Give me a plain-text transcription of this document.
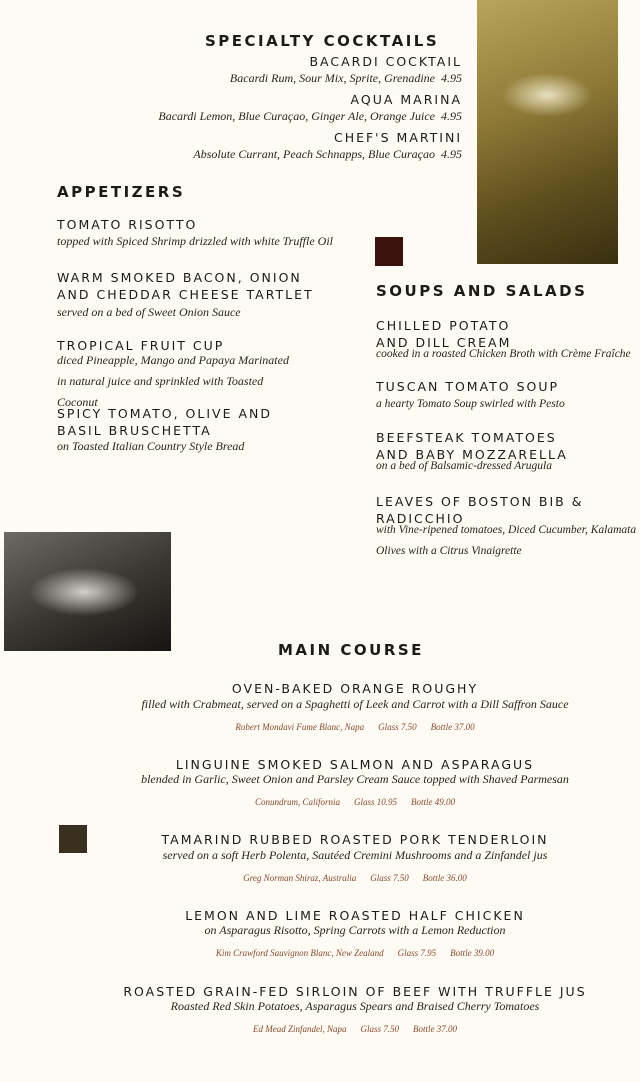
SPECIALTY COCKTAILS
BACARDI COCKTAIL
Bacardi Rum, Sour Mix, Sprite, Grenadine 4.95
AQUA MARINA
Bacardi Lemon, Blue Curaçao, Ginger Ale, Orange Juice 4.95
CHEF'S MARTINI
Absolute Currant, Peach Schnapps, Blue Curaçao 4.95
APPETIZERS
TOMATO RISOTTO
topped with Spiced Shrimp drizzled with white Truffle Oil
WARM SMOKED BACON, ONION AND CHEDDAR CHEESE TARTLET
served on a bed of Sweet Onion Sauce
TROPICAL FRUIT CUP
diced Pineapple, Mango and Papaya Marinated in natural juice and sprinkled with Toasted Coconut
SPICY TOMATO, OLIVE AND BASIL BRUSCHETTA
on Toasted Italian Country Style Bread
SOUPS AND SALADS
CHILLED POTATO AND DILL CREAM
cooked in a roasted Chicken Broth with Crème Fraîche
TUSCAN TOMATO SOUP
a hearty Tomato Soup swirled with Pesto
BEEFSTEAK TOMATOES AND BABY MOZZARELLA
on a bed of Balsamic-dressed Arugula
LEAVES OF BOSTON BIB & RADICCHIO
with Vine-ripened tomatoes, Diced Cucumber, Kalamata Olives with a Citrus Vinaigrette
MAIN COURSE
OVEN-BAKED ORANGE ROUGHY
filled with Crabmeat, served on a Spaghetti of Leek and Carrot with a Dill Saffron Sauce
Robert Mondavi Fume Blanc, Napa Glass 7.50 Bottle 37.00
LINGUINE SMOKED SALMON AND ASPARAGUS
blended in Garlic, Sweet Onion and Parsley Cream Sauce topped with Shaved Parmesan
Conundrum, California Glass 10.95 Bottle 49.00
TAMARIND RUBBED ROASTED PORK TENDERLOIN
served on a soft Herb Polenta, Sautéed Cremini Mushrooms and a Zinfandel jus
Greg Norman Shiraz, Australia Glass 7.50 Bottle 36.00
LEMON AND LIME ROASTED HALF CHICKEN
on Asparagus Risotto, Spring Carrots with a Lemon Reduction
Kim Crawford Sauvignon Blanc, New Zealand Glass 7.95 Bottle 39.00
ROASTED GRAIN-FED SIRLOIN OF BEEF WITH TRUFFLE JUS
Roasted Red Skin Potatoes, Asparagus Spears and Braised Cherry Tomatoes
Ed Mead Zinfandel, Napa Glass 7.50 Bottle 37.00
